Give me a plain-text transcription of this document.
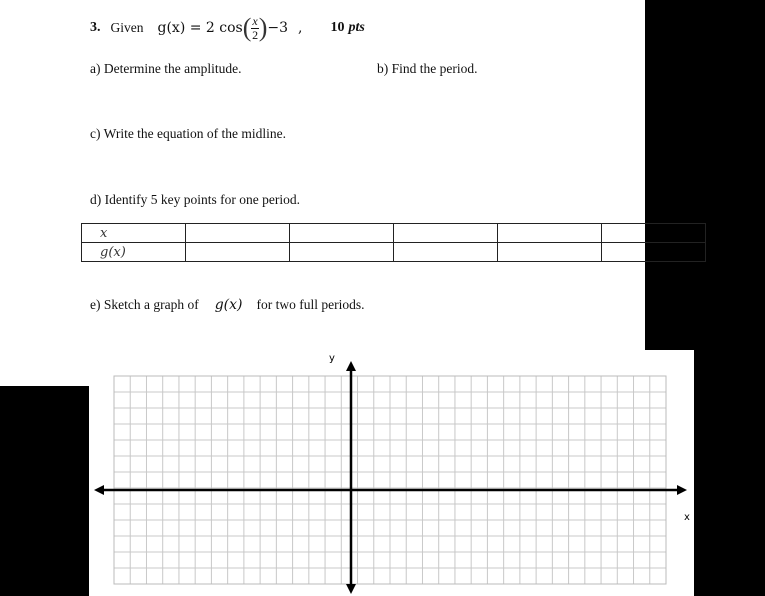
3. Given g(x) = 2 cos ( $\frac{x}{2}$ ) −3 , 10 pts
a) Determine the amplitude.	b) Find the period.
c) Write the equation of the midline.
d) Identify 5 key points for one period.
x					
g(x)					
e) Sketch a graph of g(x) for two full periods.
y
x
